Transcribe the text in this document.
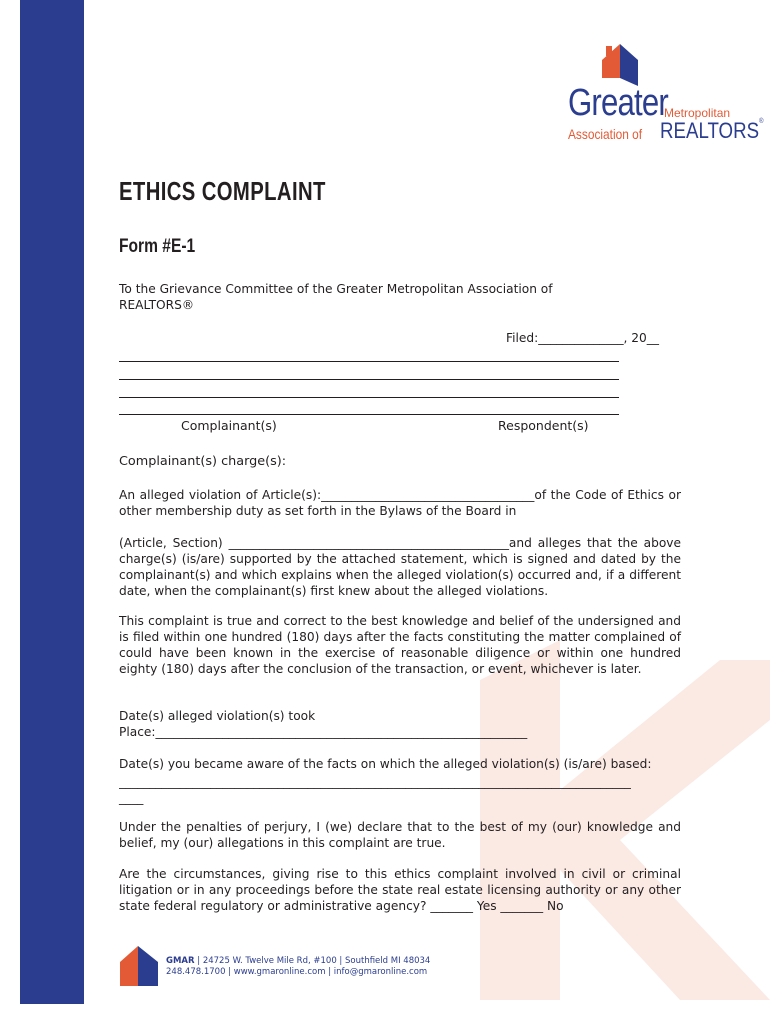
Greater
Metropolitan
Association of REALTORS®
ETHICS COMPLAINT
Form #E-1

To the Grievance Committee of the Greater Metropolitan Association of REALTORS®

Filed:______________, 20__
Complainant(s)	Respondent(s)

Complainant(s) charge(s):

An alleged violation of Article(s):___________________________________of the Code of Ethics or other membership duty as set forth in the Bylaws of the Board in

(Article, Section) ______________________________________________and alleges that the above charge(s) (is/are) supported by the attached statement, which is signed and dated by the complainant(s) and which explains when the alleged violation(s) occurred and, if a different date, when the complainant(s) first knew about the alleged violations.

This complaint is true and correct to the best knowledge and belief of the undersigned and is filed within one hundred (180) days after the facts constituting the matter complained of could have been known in the exercise of reasonable diligence or within one hundred eighty (180) days after the conclusion of the transaction, or event, whichever is later.

Date(s) alleged violation(s) took
Place:_____________________________________________________________

Date(s) you became aware of the facts on which the alleged violation(s) (is/are) based:

____________________________________________________________________________________

____

Under the penalties of perjury, I (we) declare that to the best of my (our) knowledge and belief, my (our) allegations in this complaint are true.

Are the circumstances, giving rise to this ethics complaint involved in civil or criminal litigation or in any proceedings before the state real estate licensing authority or any other state federal regulatory or administrative agency? _______ Yes _______ No

GMAR | 24725 W. Twelve Mile Rd, #100 | Southfield MI 48034
248.478.1700 | www.gmaronline.com | info@gmaronline.com
